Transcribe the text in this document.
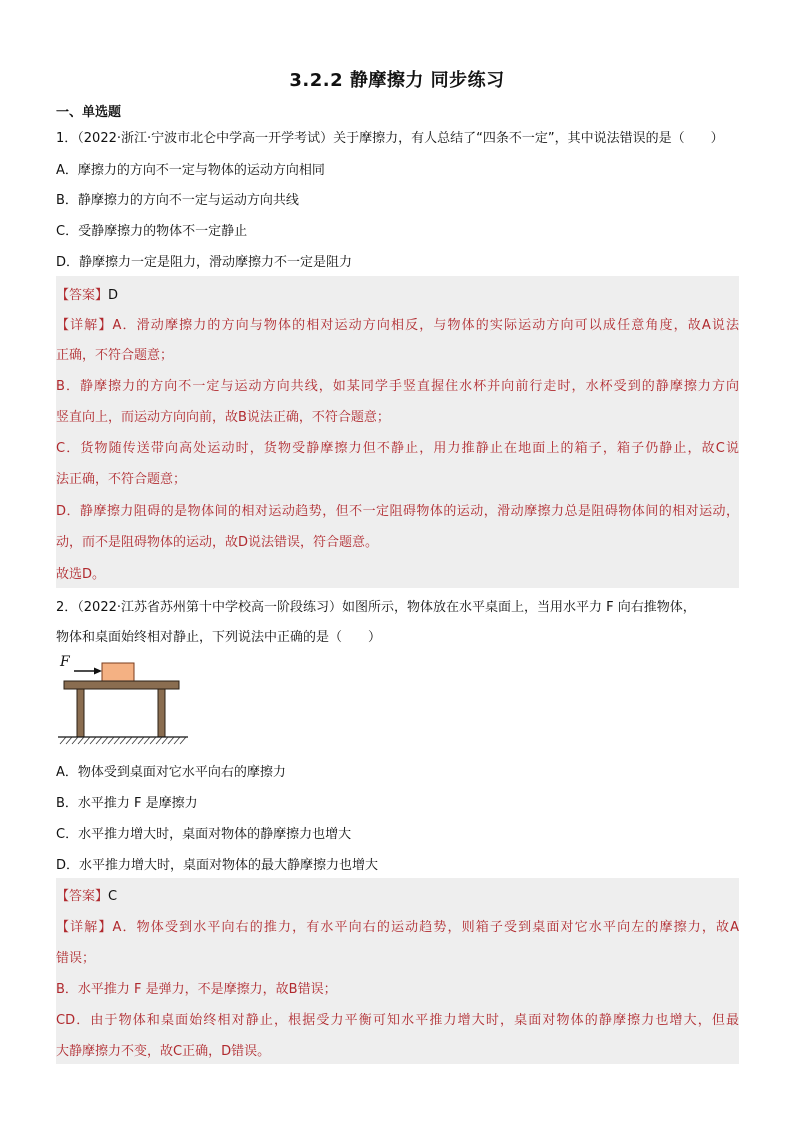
3.2.2 静摩擦力 同步练习
一、单选题
1．（2022·浙江·宁波市北仑中学高一开学考试）关于摩擦力，有人总结了“四条不一定”，其中说法错误的是（　　）
A．摩擦力的方向不一定与物体的运动方向相同
B．静摩擦力的方向不一定与运动方向共线
C．受静摩擦力的物体不一定静止
D．静摩擦力一定是阻力，滑动摩擦力不一定是阻力
【答案】D
【详解】A．滑动摩擦力的方向与物体的相对运动方向相反，与物体的实际运动方向可以成任意角度，故A说法
正确，不符合题意；
B．静摩擦力的方向不一定与运动方向共线，如某同学手竖直握住水杯并向前行走时，水杯受到的静摩擦力方向
竖直向上，而运动方向向前，故B说法正确，不符合题意；
C．货物随传送带向高处运动时，货物受静摩擦力但不静止，用力推静止在地面上的箱子，箱子仍静止，故C说
法正确，不符合题意；
D．静摩擦力阻碍的是物体间的相对运动趋势，但不一定阻碍物体的运动，滑动摩擦力总是阻碍物体间的相对运动，
动，而不是阻碍物体的运动，故D说法错误，符合题意。
故选D。
2．（2022·江苏省苏州第十中学校高一阶段练习）如图所示，物体放在水平桌面上，当用水平力 F 向右推物体，
物体和桌面始终相对静止，下列说法中正确的是（　　）
F
A．物体受到桌面对它水平向右的摩擦力
B．水平推力 F 是摩擦力
C．水平推力增大时，桌面对物体的静摩擦力也增大
D．水平推力增大时，桌面对物体的最大静摩擦力也增大
【答案】C
【详解】A．物体受到水平向右的推力，有水平向右的运动趋势，则箱子受到桌面对它水平向左的摩擦力，故A
错误；
B．水平推力 F 是弹力，不是摩擦力，故B错误；
CD．由于物体和桌面始终相对静止，根据受力平衡可知水平推力增大时，桌面对物体的静摩擦力也增大，但最
大静摩擦力不变，故C正确，D错误。
